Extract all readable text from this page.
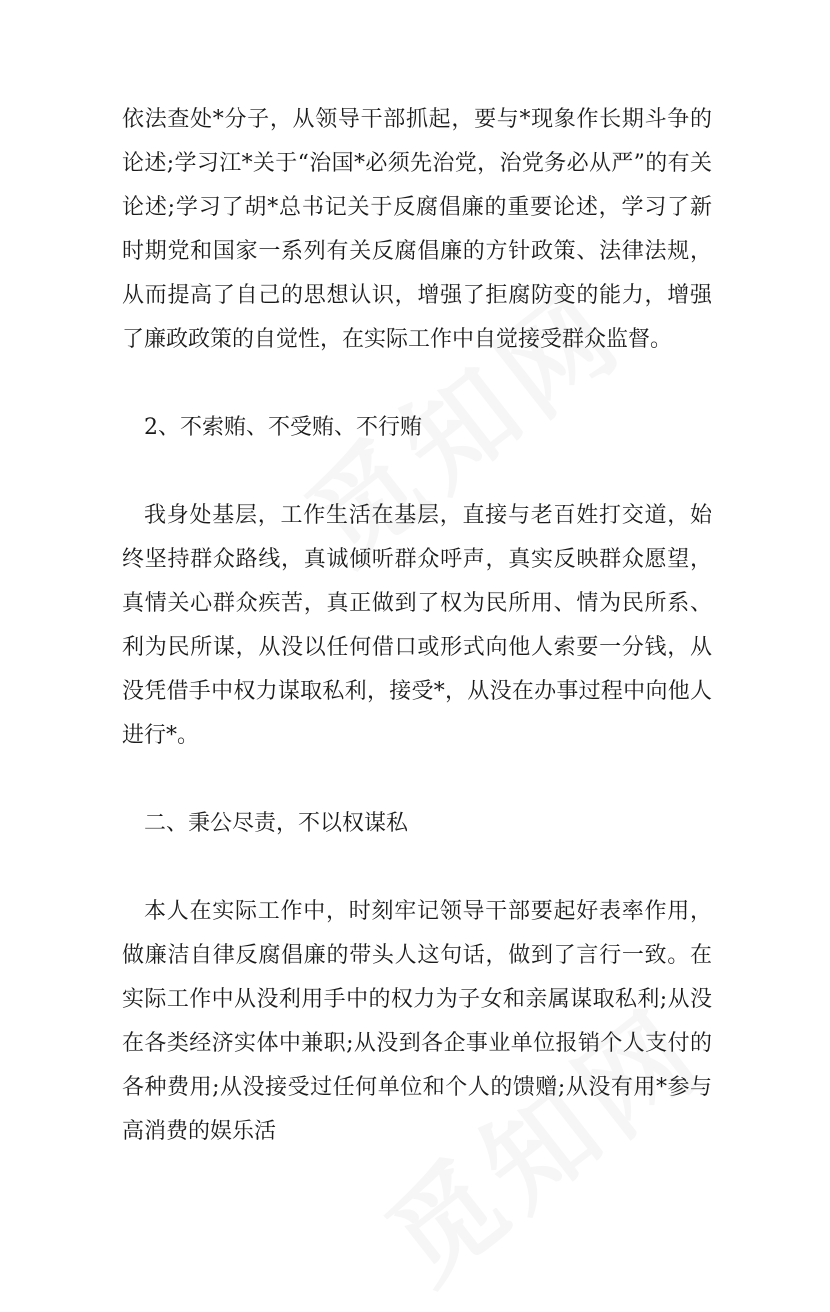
依法查处*分子，从领导干部抓起，要与*现象作长期斗争的论述;学习江*关于“治国*必须先治党，治党务必从严”的有关论述;学习了胡*总书记关于反腐倡廉的重要论述，学习了新时期党和国家一系列有关反腐倡廉的方针政策、法律法规，从而提高了自己的思想认识，增强了拒腐防变的能力，增强了廉政政策的自觉性，在实际工作中自觉接受群众监督。

2、不索贿、不受贿、不行贿

我身处基层，工作生活在基层，直接与老百姓打交道，始终坚持群众路线，真诚倾听群众呼声，真实反映群众愿望，真情关心群众疾苦，真正做到了权为民所用、情为民所系、利为民所谋，从没以任何借口或形式向他人索要一分钱，从没凭借手中权力谋取私利，接受*，从没在办事过程中向他人进行*。

二、秉公尽责，不以权谋私

本人在实际工作中，时刻牢记领导干部要起好表率作用，做廉洁自律反腐倡廉的带头人这句话，做到了言行一致。在实际工作中从没利用手中的权力为子女和亲属谋取私利;从没在各类经济实体中兼职;从没到各企事业单位报销个人支付的各种费用;从没接受过任何单位和个人的馈赠;从没有用*参与高消费的娱乐活
